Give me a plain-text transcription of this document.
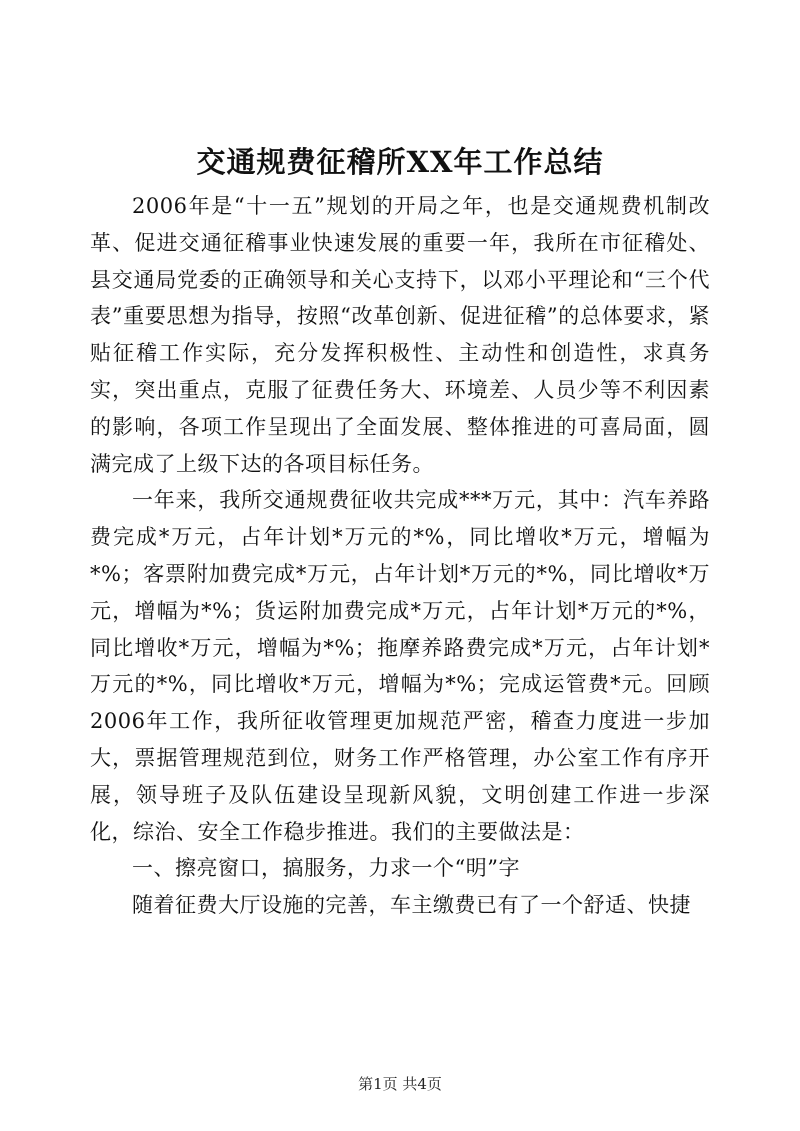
交通规费征稽所XX年工作总结

2006年是“十一五”规划的开局之年，也是交通规费机制改革、促进交通征稽事业快速发展的重要一年，我所在市征稽处、县交通局党委的正确领导和关心支持下，以邓小平理论和“三个代表”重要思想为指导，按照“改革创新、促进征稽”的总体要求，紧贴征稽工作实际，充分发挥积极性、主动性和创造性，求真务实，突出重点，克服了征费任务大、环境差、人员少等不利因素的影响，各项工作呈现出了全面发展、整体推进的可喜局面，圆满完成了上级下达的各项目标任务。

一年来，我所交通规费征收共完成***万元，其中：汽车养路费完成*万元，占年计划*万元的*%，同比增收*万元，增幅为*%；客票附加费完成*万元，占年计划*万元的*%，同比增收*万元，增幅为*%；货运附加费完成*万元，占年计划*万元的*%，同比增收*万元，增幅为*%；拖摩养路费完成*万元，占年计划*万元的*%，同比增收*万元，增幅为*%；完成运管费*元。回顾2006年工作，我所征收管理更加规范严密，稽查力度进一步加大，票据管理规范到位，财务工作严格管理，办公室工作有序开展，领导班子及队伍建设呈现新风貌，文明创建工作进一步深化，综治、安全工作稳步推进。我们的主要做法是：

一、擦亮窗口，搞服务，力求一个“明”字

随着征费大厅设施的完善，车主缴费已有了一个舒适、快捷

第1页 共4页
